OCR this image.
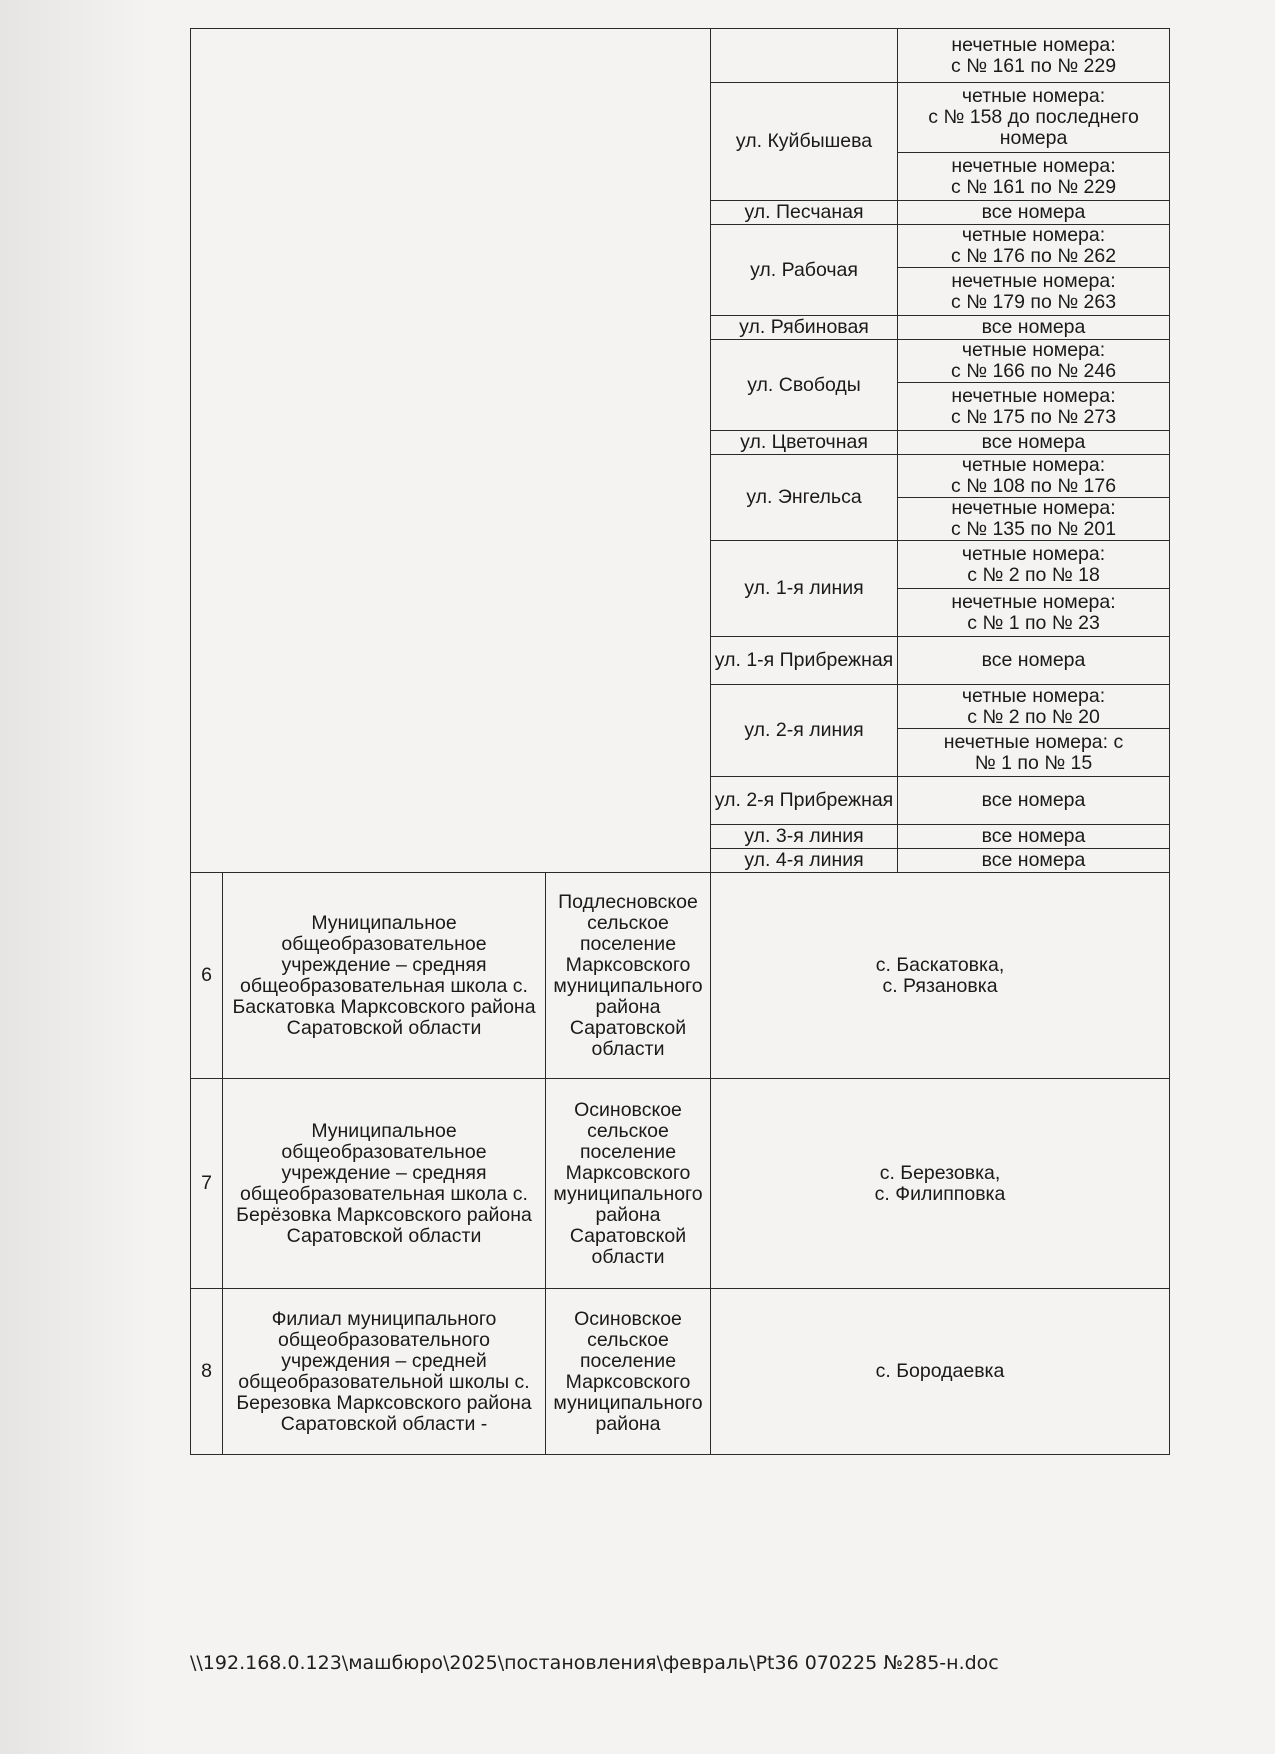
				нечетные номера:
с № 161 по № 229

			ул. Куйбышева	четные номера:
с № 158 до последнего номера

				нечетные номера:
с № 161 по № 229

			ул. Песчаная	все номера

			ул. Рабочая	четные номера:
с № 176 по № 262

				нечетные номера:
с № 179 по № 263

			ул. Рябиновая	все номера

			ул. Свободы	четные номера:
с № 166 по № 246

				нечетные номера:
с № 175 по № 273

			ул. Цветочная	все номера

			ул. Энгельса	четные номера:
с № 108 по № 176

				нечетные номера:
с № 135 по № 201

			ул. 1-я линия	четные номера:
с № 2 по № 18

				нечетные номера:
с № 1 по № 23

			ул. 1-я Прибрежная	все номера

			ул. 2-я линия	четные номера:
с № 2 по № 20

				нечетные номера: с
№ 1 по № 15

			ул. 2-я Прибрежная	все номера

			ул. 3-я линия	все номера

			ул. 4-я линия	все номера

6	Муниципальное общеобразовательное учреждение – средняя общеобразовательная школа с. Баскатовка Марксовского района Саратовской области	Подлесновское сельское поселение Марксовского муниципального района Саратовской области	с. Баскатовка,
с. Рязановка	

7	Муниципальное общеобразовательное учреждение – средняя общеобразовательная школа с. Берёзовка Марксовского района Саратовской области	Осиновское сельское поселение Марксовского муниципального района Саратовской области	с. Березовка,
с. Филипповка	

8	Филиал муниципального общеобразовательного учреждения – средней общеобразовательной школы с. Березовка Марксовского района Саратовской области -	Осиновское сельское поселение Марксовского муниципального района	с. Бородаевка	
\\192.168.0.123\машбюро\2025\постановления\февраль\Pt36 070225 №285-н.doc
